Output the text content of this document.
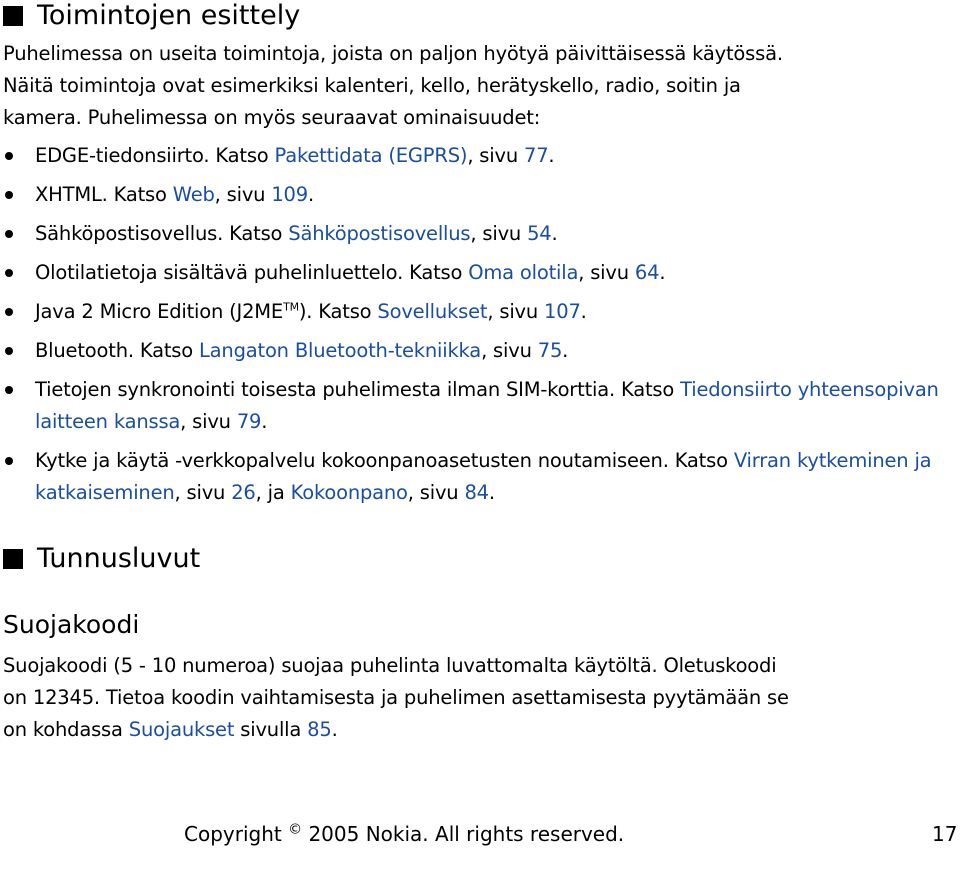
Toimintojen esittely

Puhelimessa on useita toimintoja, joista on paljon hyötyä päivittäisessä käytössä.
Näitä toimintoja ovat esimerkiksi kalenteri, kello, herätyskello, radio, soitin ja
kamera. Puhelimessa on myös seuraavat ominaisuudet:

EDGE-tiedonsiirto. Katso Pakettidata (EGPRS), sivu 77.
XHTML. Katso Web, sivu 109.
Sähköpostisovellus. Katso Sähköpostisovellus, sivu 54.
Olotilatietoja sisältävä puhelinluettelo. Katso Oma olotila, sivu 64.
Java 2 Micro Edition (J2ME™). Katso Sovellukset, sivu 107.
Bluetooth. Katso Langaton Bluetooth-tekniikka, sivu 75.
Tietojen synkronointi toisesta puhelimesta ilman SIM-korttia. Katso Tiedonsiirto yhteensopivan laitteen kanssa, sivu 79.
Kytke ja käytä -verkkopalvelu kokoonpanoasetusten noutamiseen. Katso Virran kytkeminen ja katkaiseminen, sivu 26, ja Kokoonpano, sivu 84.
Tunnusluvut
Suojakoodi

Suojakoodi (5 - 10 numeroa) suojaa puhelinta luvattomalta käytöltä. Oletuskoodi on 12345. Tietoa koodin vaihtamisesta ja puhelimen asettamisesta pyytämään se on kohdassa Suojaukset sivulla 85.

Copyright © 2005 Nokia. All rights reserved.	17
